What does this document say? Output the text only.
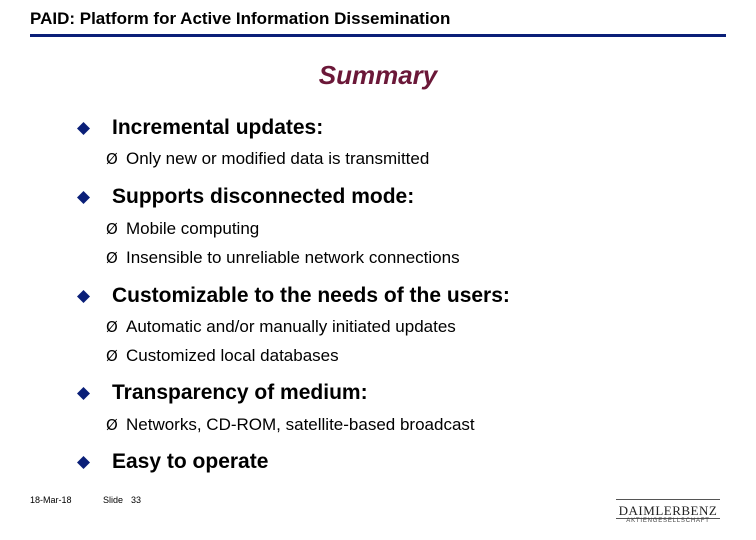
PAID: Platform for Active Information Dissemination
Summary
Incremental updates:
Ø Only new or modified data is transmitted
Supports disconnected mode:
Ø Mobile computing
Ø Insensible to unreliable network connections
Customizable to the needs of the users:
Ø Automatic and/or manually initiated updates
Ø Customized local databases
Transparency of medium:
Ø Networks, CD-ROM, satellite-based broadcast
Easy to operate
18-Mar-18	Slide 33
DAIMLERBENZ
AKTIENGESELLSCHAFT
